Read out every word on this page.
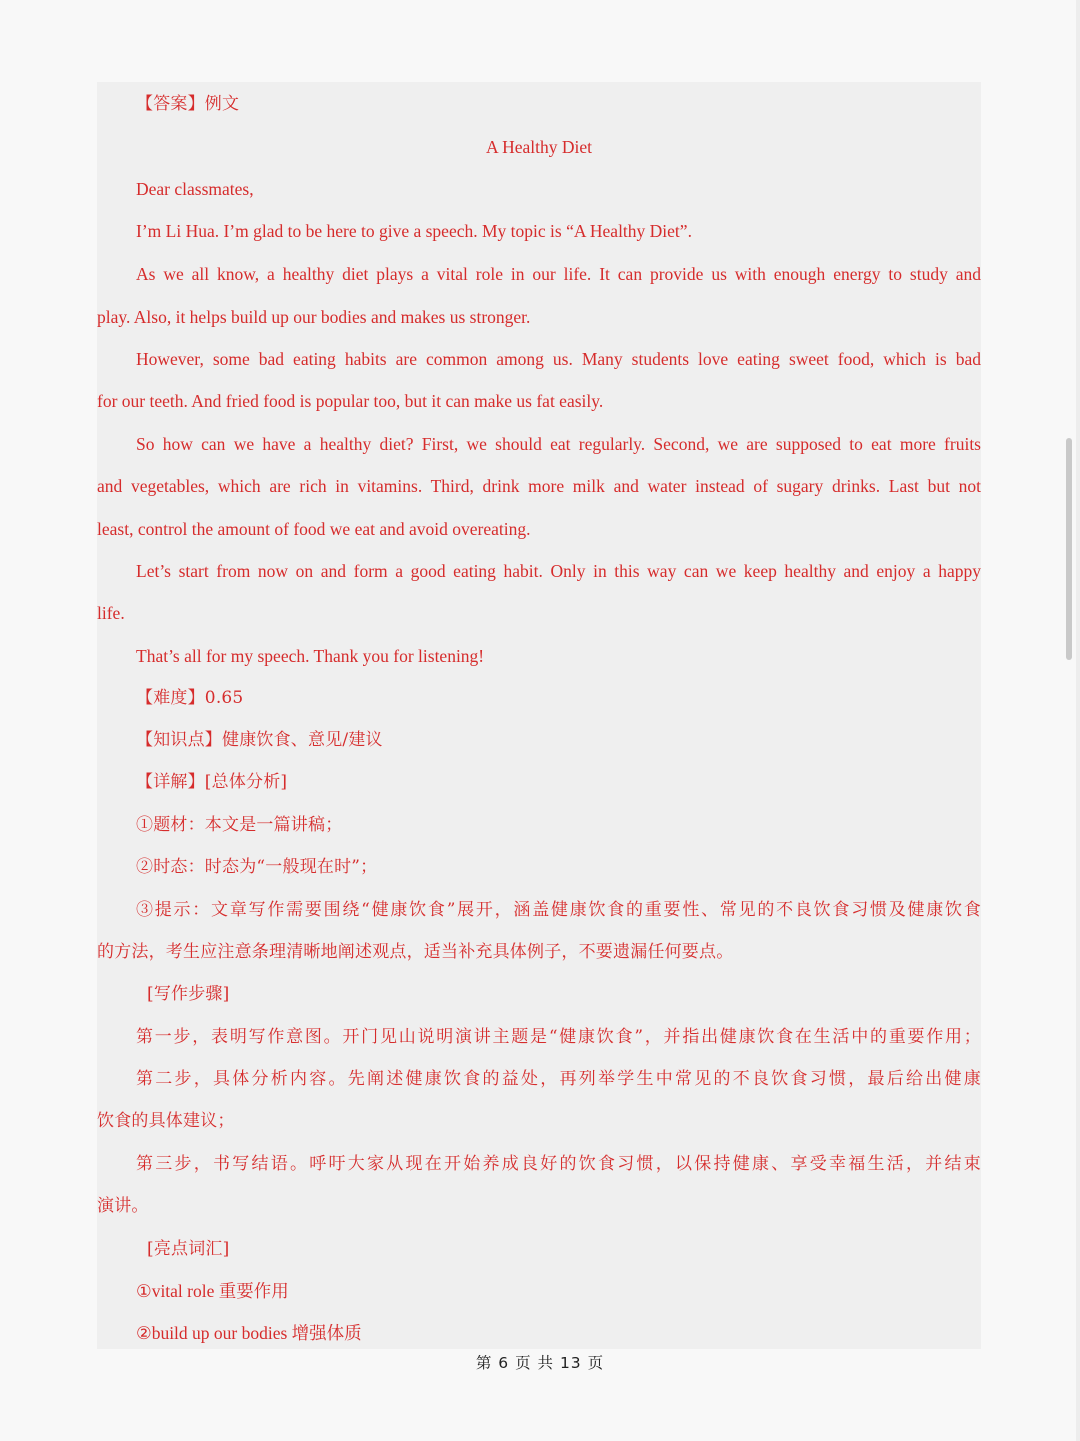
【答案】例文
A Healthy Diet
Dear classmates,
I’m Li Hua. I’m glad to be here to give a speech. My topic is “A Healthy Diet”.
As we all know, a healthy diet plays a vital role in our life. It can provide us with enough energy to study and
play. Also, it helps build up our bodies and makes us stronger.
However, some bad eating habits are common among us. Many students love eating sweet food, which is bad
for our teeth. And fried food is popular too, but it can make us fat easily.
So how can we have a healthy diet? First, we should eat regularly. Second, we are supposed to eat more fruits
and vegetables, which are rich in vitamins. Third, drink more milk and water instead of sugary drinks. Last but not
least, control the amount of food we eat and avoid overeating.
Let’s start from now on and form a good eating habit. Only in this way can we keep healthy and enjoy a happy
life.
That’s all for my speech. Thank you for listening!
【难度】0.65
【知识点】健康饮食、意见/建议
【详解】[总体分析]
①题材：本文是一篇讲稿；
②时态：时态为“一般现在时”；
③提示：文章写作需要围绕“健康饮食”展开，涵盖健康饮食的重要性、常见的不良饮食习惯及健康饮食
的方法，考生应注意条理清晰地阐述观点，适当补充具体例子，不要遗漏任何要点。
[写作步骤]
第一步，表明写作意图。开门见山说明演讲主题是“健康饮食”，并指出健康饮食在生活中的重要作用；
第二步，具体分析内容。先阐述健康饮食的益处，再列举学生中常见的不良饮食习惯，最后给出健康
饮食的具体建议；
第三步，书写结语。呼吁大家从现在开始养成良好的饮食习惯，以保持健康、享受幸福生活，并结束
演讲。
[亮点词汇]
①vital role 重要作用
②build up our bodies 增强体质
第 6 页 共 13 页
